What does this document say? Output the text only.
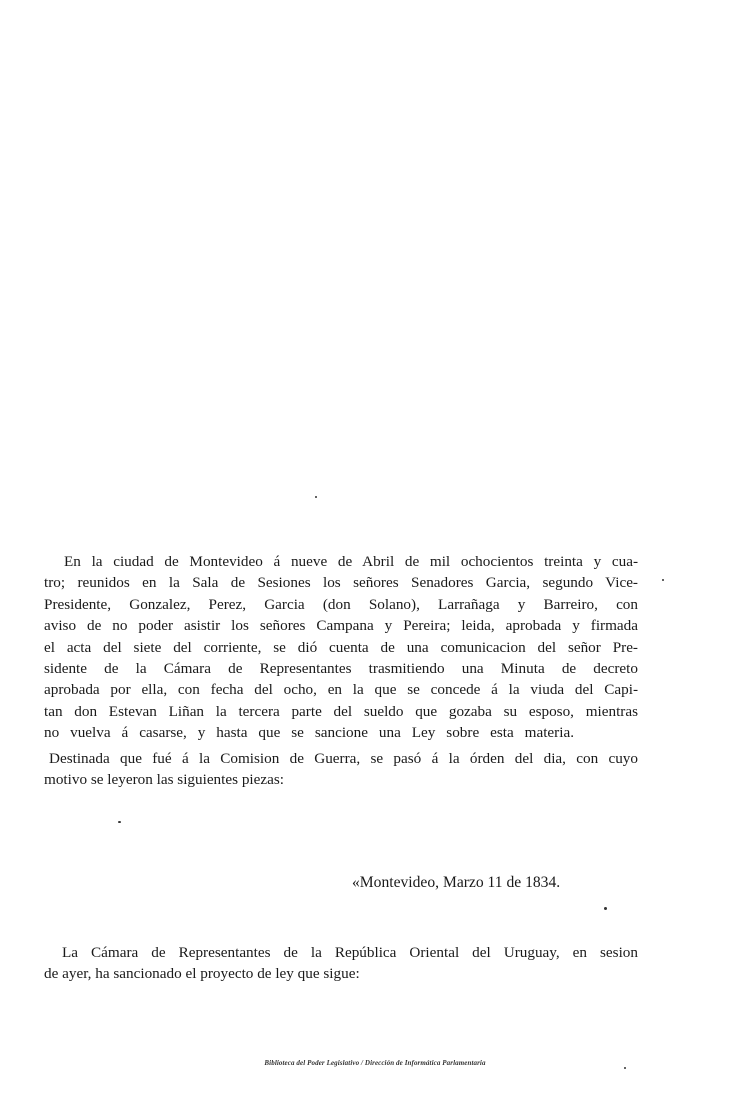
En la ciudad de Montevideo á nueve de Abril de mil ochocientos treinta y cua-
tro; reunidos en la Sala de Sesiones los señores Senadores Garcia, segundo Vice-
Presidente, Gonzalez, Perez, Garcia (don Solano), Larrañaga y Barreiro, con
aviso de no poder asistir los señores Campana y Pereira; leida, aprobada y firmada
el acta del siete del corriente, se dió cuenta de una comunicacion del señor Pre-
sidente de la Cámara de Representantes trasmitiendo una Minuta de decreto
aprobada por ella, con fecha del ocho, en la que se concede á la viuda del Capi-
tan don Estevan Liñan la tercera parte del sueldo que gozaba su esposo, mientras
no vuelva á casarse, y hasta que se sancione una Ley sobre esta materia.

Destinada que fué á la Comision de Guerra, se pasó á la órden del dia, con cuyo
motivo se leyeron las siguientes piezas:

«Montevideo, Marzo 11 de 1834.

La Cámara de Representantes de la República Oriental del Uruguay, en sesion
de ayer, ha sancionado el proyecto de ley que sigue:

Biblioteca del Poder Legislativo / Dirección de Informática Parlamentaria
